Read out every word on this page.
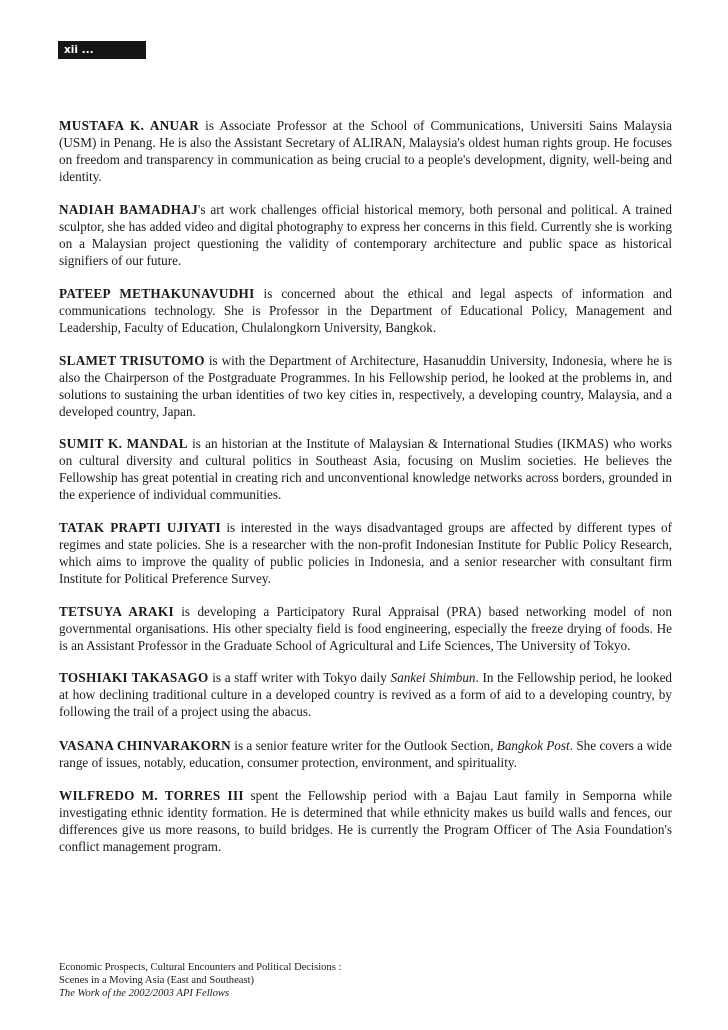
xii ...

MUSTAFA K. ANUAR is Associate Professor at the School of Communications, Universiti Sains Malaysia (USM) in Penang. He is also the Assistant Secretary of ALIRAN, Malaysia's oldest human rights group. He focuses on freedom and transparency in communication as being crucial to a people's development, dignity, well-being and identity.

NADIAH BAMADHAJ's art work challenges official historical memory, both personal and political. A trained sculptor, she has added video and digital photography to express her concerns in this field. Currently she is working on a Malaysian project questioning the validity of contemporary architecture and public space as historical signifiers of our future.

PATEEP METHAKUNAVUDHI is concerned about the ethical and legal aspects of information and communications technology. She is Professor in the Department of Educational Policy, Management and Leadership, Faculty of Education, Chulalongkorn University, Bangkok.

SLAMET TRISUTOMO is with the Department of Architecture, Hasanuddin University, Indonesia, where he is also the Chairperson of the Postgraduate Programmes. In his Fellowship period, he looked at the problems in, and solutions to sustaining the urban identities of two key cities in, respectively, a developing country, Malaysia, and a developed country, Japan.

SUMIT K. MANDAL is an historian at the Institute of Malaysian & International Studies (IKMAS) who works on cultural diversity and cultural politics in Southeast Asia, focusing on Muslim societies. He believes the Fellowship has great potential in creating rich and unconventional knowledge networks across borders, grounded in the experience of individual communities.

TATAK PRAPTI UJIYATI is interested in the ways disadvantaged groups are affected by different types of regimes and state policies. She is a researcher with the non-profit Indonesian Institute for Public Policy Research, which aims to improve the quality of public policies in Indonesia, and a senior researcher with consultant firm Institute for Political Preference Survey.

TETSUYA ARAKI is developing a Participatory Rural Appraisal (PRA) based networking model of non governmental organisations. His other specialty field is food engineering, especially the freeze drying of foods. He is an Assistant Professor in the Graduate School of Agricultural and Life Sciences, The University of Tokyo.

TOSHIAKI TAKASAGO is a staff writer with Tokyo daily Sankei Shimbun. In the Fellowship period, he looked at how declining traditional culture in a developed country is revived as a form of aid to a developing country, by following the trail of a project using the abacus.

VASANA CHINVARAKORN is a senior feature writer for the Outlook Section, Bangkok Post. She covers a wide range of issues, notably, education, consumer protection, environment, and spirituality.

WILFREDO M. TORRES III spent the Fellowship period with a Bajau Laut family in Semporna while investigating ethnic identity formation. He is determined that while ethnicity makes us build walls and fences, our differences give us more reasons, to build bridges. He is currently the Program Officer of The Asia Foundation's conflict management program.

Economic Prospects, Cultural Encounters and Political Decisions :
Scenes in a Moving Asia (East and Southeast)
The Work of the 2002/2003 API Fellows
